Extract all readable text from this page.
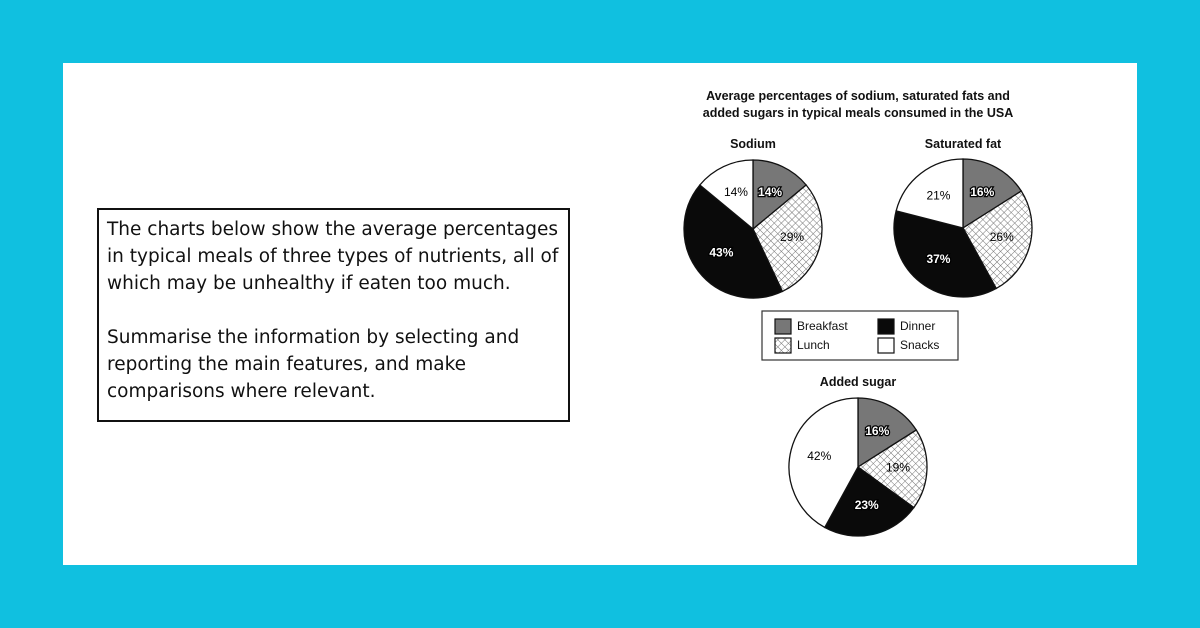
The charts below show the average percentages in typical meals of three types of nutrients, all of which may be unhealthy if eaten too much.

Summarise the information by selecting and reporting the main features, and make comparisons where relevant.

Average percentages of sodium, saturated fats and
added sugars in typical meals consumed in the USA
14%
29%
43%
14%
Sodium
16%
26%
37%
21%
Saturated fat
16%
19%
23%
42%
Added sugar
Breakfast
Lunch
Dinner
Snacks
